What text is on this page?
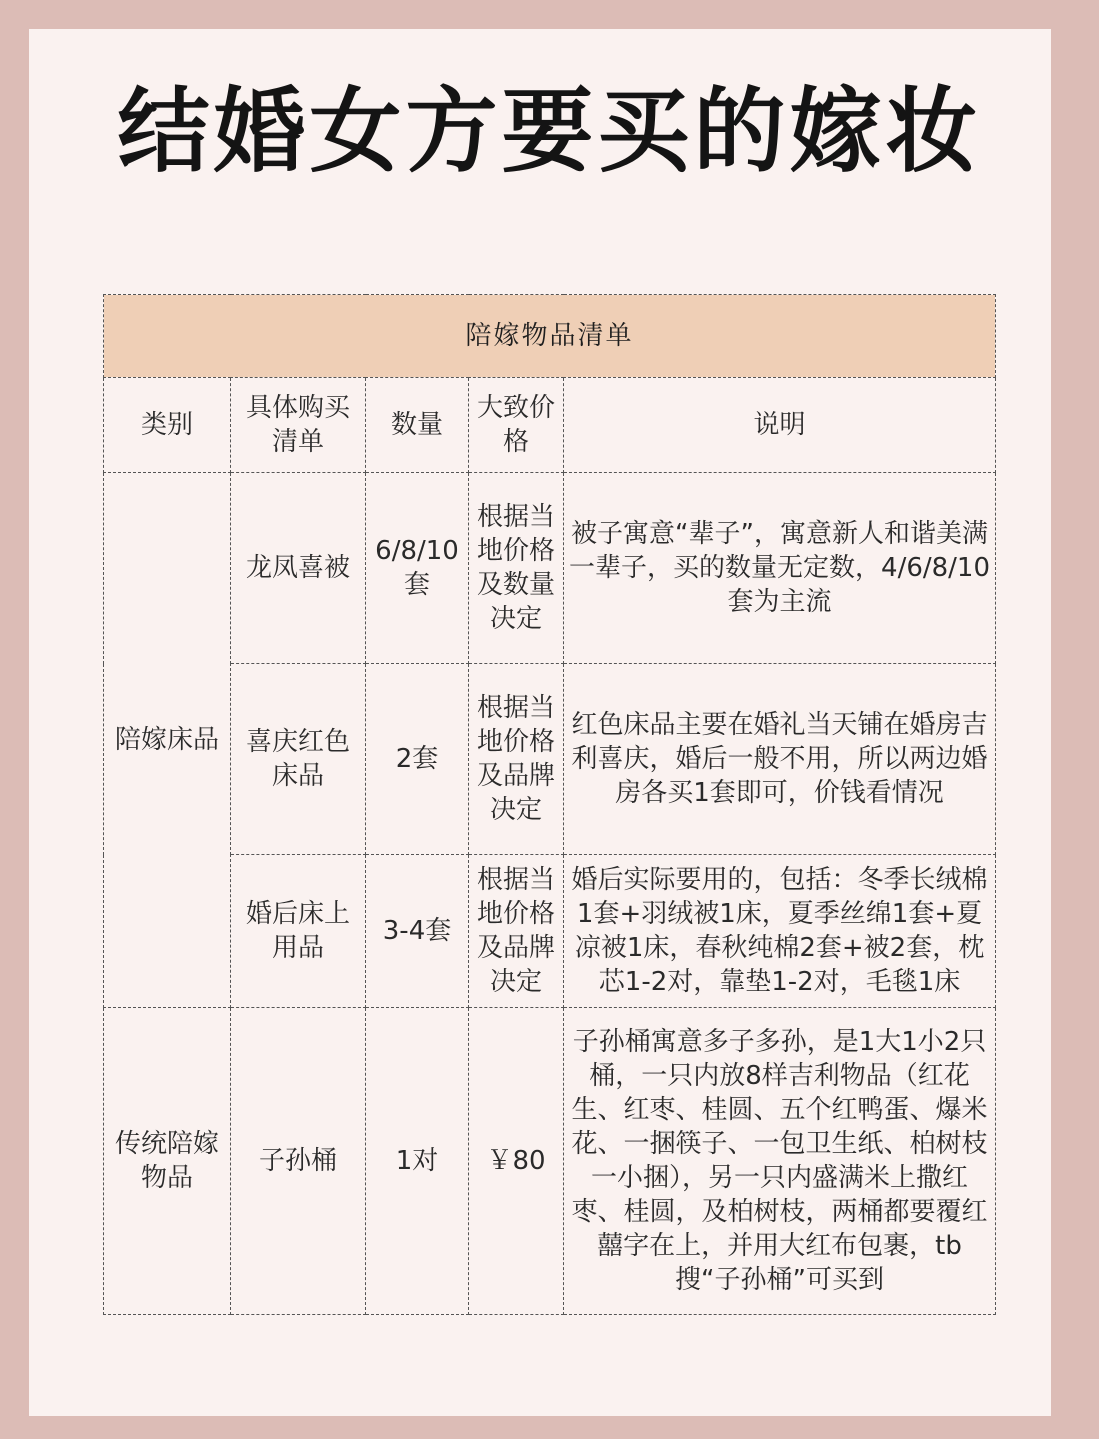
结婚女方要买的嫁妆
陪嫁物品清单				
类别	具体购买清单	数量	大致价格	说明
陪嫁床品	龙凤喜被	6/8/10套	根据当地价格及数量决定	被子寓意“辈子”，寓意新人和谐美满一辈子，买的数量无定数，4/6/8/10套为主流
	喜庆红色床品	2套	根据当地价格及品牌决定	红色床品主要在婚礼当天铺在婚房吉利喜庆，婚后一般不用，所以两边婚房各买1套即可，价钱看情况
	婚后床上用品	3-4套	根据当地价格及品牌决定	婚后实际要用的，包括：冬季长绒棉1套+羽绒被1床，夏季丝绵1套+夏凉被1床，春秋纯棉2套+被2套，枕芯1-2对，靠垫1-2对，毛毯1床
传统陪嫁物品	子孙桶	1对	￥80	子孙桶寓意多子多孙，是1大1小2只桶，一只内放8样吉利物品（红花生、红枣、桂圆、五个红鸭蛋、爆米花、一捆筷子、一包卫生纸、柏树枝一小捆），另一只内盛满米上撒红枣、桂圆，及柏树枝，两桶都要覆红囍字在上，并用大红布包裹，tb搜“子孙桶”可买到
